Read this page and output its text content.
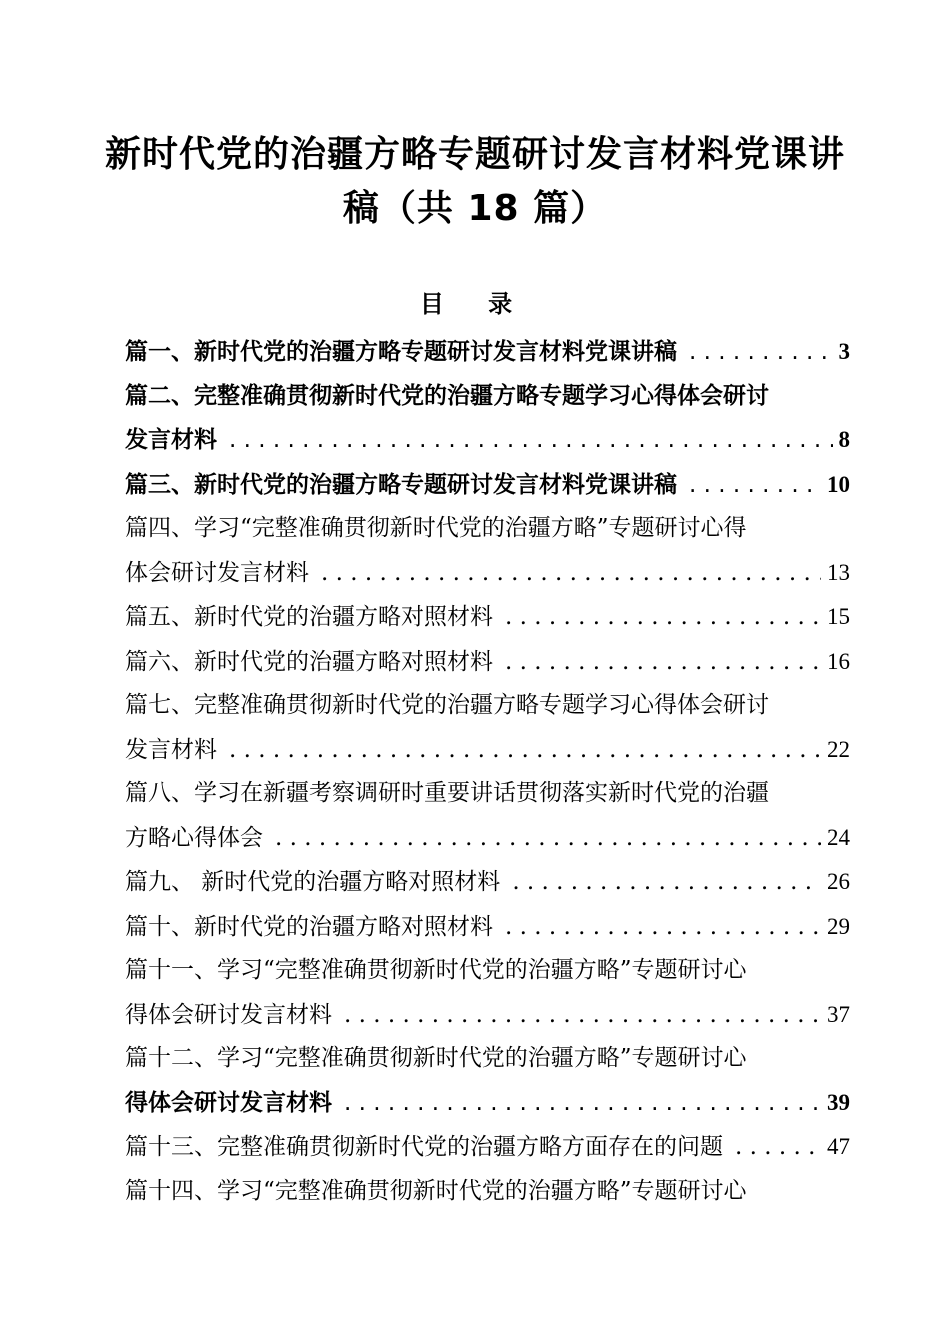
新时代党的治疆方略专题研讨发言材料党课讲
稿（共 18 篇）
目 录
篇一、新时代党的治疆方略专题研讨发言材料党课讲稿 . . .	3
篇二、完整准确贯彻新时代党的治疆方略专题学习心得体会研讨
发言材料 . . .	8
篇三、新时代党的治疆方略专题研讨发言材料党课讲稿 . . .	10
篇四、学习“完整准确贯彻新时代党的治疆方略”专题研讨心得
体会研讨发言材料 . . .	13
篇五、新时代党的治疆方略对照材料 . . .	15
篇六、新时代党的治疆方略对照材料 . . .	16
篇七、完整准确贯彻新时代党的治疆方略专题学习心得体会研讨
发言材料 . . .	22
篇八、学习在新疆考察调研时重要讲话贯彻落实新时代党的治疆
方略心得体会 . . .	24
篇九、 新时代党的治疆方略对照材料 . . .	26
篇十、新时代党的治疆方略对照材料 . . .	29
篇十一、学习“完整准确贯彻新时代党的治疆方略”专题研讨心
得体会研讨发言材料 . . .	37
篇十二、学习“完整准确贯彻新时代党的治疆方略”专题研讨心
得体会研讨发言材料 . . .	39
篇十三、完整准确贯彻新时代党的治疆方略方面存在的问题 . . .	47
篇十四、学习“完整准确贯彻新时代党的治疆方略”专题研讨心
